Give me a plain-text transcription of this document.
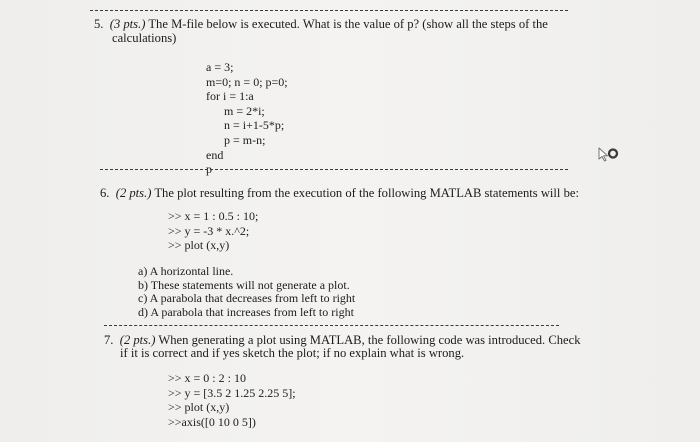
5. (3 pts.) The M-file below is executed. What is the value of p? (show all the steps of the
calculations)
a = 3;
m=0; n = 0; p=0;
for i = 1:a
m = 2*i;
n = i+1-5*p;
p = m-n;
end
p
6. (2 pts.) The plot resulting from the execution of the following MATLAB statements will be:
>> x = 1 : 0.5 : 10;
>> y = -3 * x.^2;
>> plot (x,y)
a) A horizontal line.
b) These statements will not generate a plot.
c) A parabola that decreases from left to right
d) A parabola that increases from left to right
7. (2 pts.) When generating a plot using MATLAB, the following code was introduced. Check
if it is correct and if yes sketch the plot; if no explain what is wrong.
>> x = 0 : 2 : 10
>> y = [3.5 2 1.25 2.25 5];
>> plot (x,y)
>>axis([0 10 0 5])
